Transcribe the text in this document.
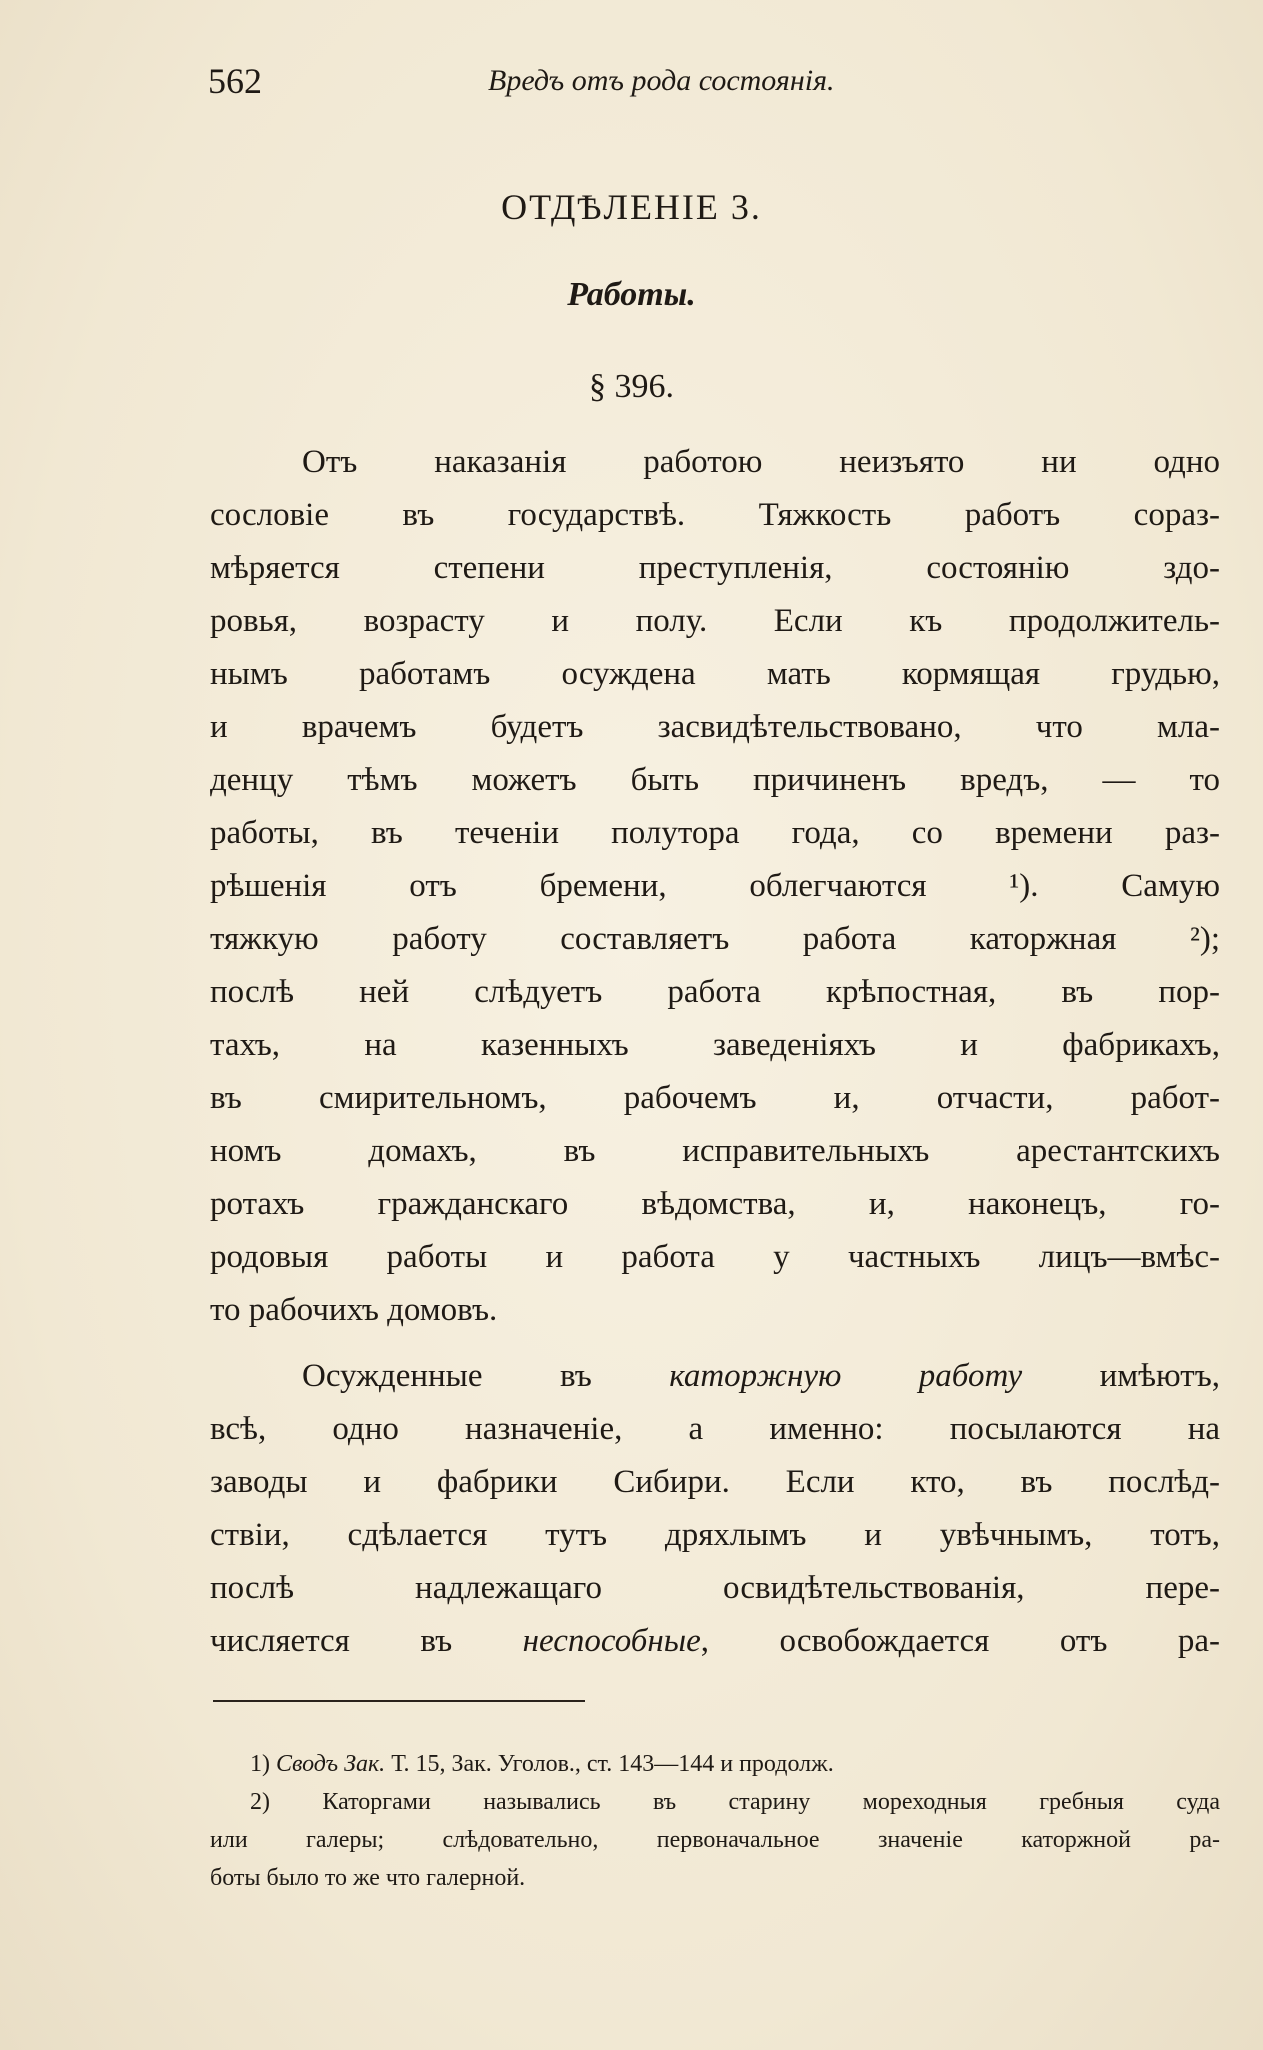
562	Вредъ отъ рода состоянія.
ОТДѢЛЕНІЕ 3.
Работы.
§ 396.
Отъ наказанія работою неизъято ни одно
сословіе въ государствѣ. Тяжкость работъ сораз-
мѣряется степени преступленія, состоянію здо-
ровья, возрасту и полу. Если къ продолжитель-
нымъ работамъ осуждена мать кормящая грудью,
и врачемъ будетъ засвидѣтельствовано, что мла-
денцу тѣмъ можетъ быть причиненъ вредъ, — то
работы, въ теченіи полутора года, со времени раз-
рѣшенія отъ бремени, облегчаются ¹). Самую
тяжкую работу составляетъ работа каторжная ²);
послѣ ней слѣдуетъ работа крѣпостная, въ пор-
тахъ, на казенныхъ заведеніяхъ и фабрикахъ,
въ смирительномъ, рабочемъ и, отчасти, работ-
номъ домахъ, въ исправительныхъ арестантскихъ
ротахъ гражданскаго вѣдомства, и, наконецъ, го-
родовыя работы и работа у частныхъ лицъ—вмѣс-
то рабочихъ домовъ.
Осужденные въ каторжную работу имѣютъ,
всѣ, одно назначеніе, а именно: посылаются на
заводы и фабрики Сибири. Если кто, въ послѣд-
ствіи, сдѣлается тутъ дряхлымъ и увѣчнымъ, тотъ,
послѣ надлежащаго освидѣтельствованія, пере-
числяется въ неспособные, освобождается отъ ра-
1) Сводъ Зак. Т. 15, Зак. Уголов., ст. 143—144 и продолж.
2) Каторгами назывались въ старину мореходныя гребныя суда
или галеры; слѣдовательно, первоначальное значеніе каторжной ра-
боты было то же что галерной.
